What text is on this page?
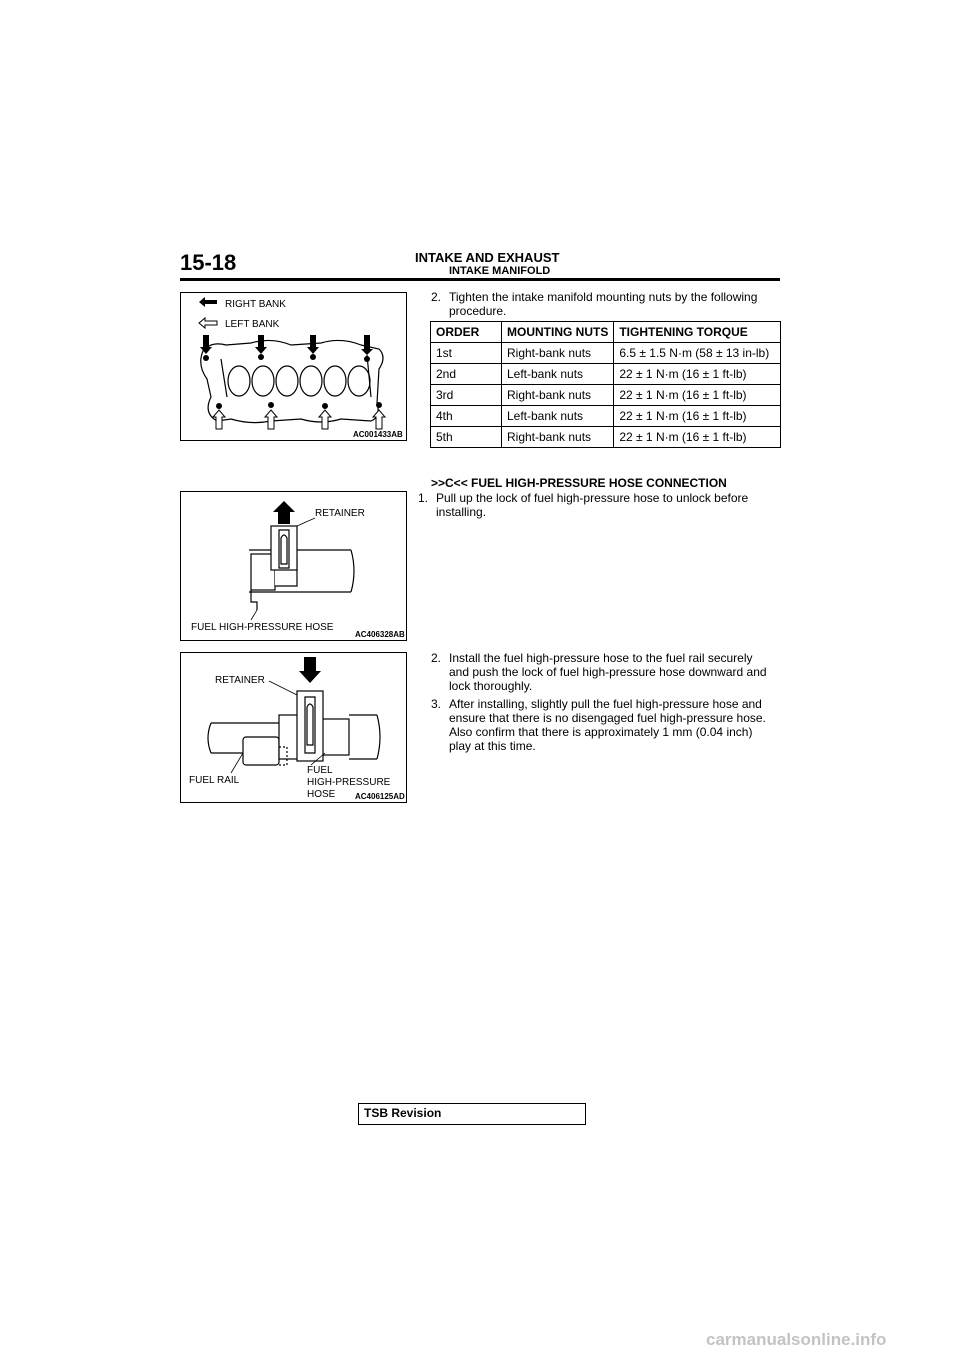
15-18	INTAKE AND EXHAUST
INTAKE MANIFOLD
RIGHT BANK
LEFT BANK
AC001433AB
2. Tighten the intake manifold mounting nuts by the following
procedure.
ORDER	MOUNTING NUTS	TIGHTENING TORQUE
1st	Right-bank nuts	6.5 ± 1.5 N·m (58 ± 13 in-lb)
2nd	Left-bank nuts	22 ± 1 N·m (16 ± 1 ft-lb)
3rd	Right-bank nuts	22 ± 1 N·m (16 ± 1 ft-lb)
4th	Left-bank nuts	22 ± 1 N·m (16 ± 1 ft-lb)
5th	Right-bank nuts	22 ± 1 N·m (16 ± 1 ft-lb)
>>C<< FUEL HIGH-PRESSURE HOSE CONNECTION
1. Pull up the lock of fuel high-pressure hose to unlock before
installing.
RETAINER
FUEL HIGH-PRESSURE HOSE
AC406328AB
2. Install the fuel high-pressure hose to the fuel rail securely
and push the lock of fuel high-pressure hose downward and
lock thoroughly.
3. After installing, slightly pull the fuel high-pressure hose and
ensure that there is no disengaged fuel high-pressure hose.
Also confirm that there is approximately 1 mm (0.04 inch)
play at this time.
RETAINER
FUEL RAIL
FUEL
HIGH-PRESSURE
HOSE AC406125AD
TSB Revision
carmanualsonline.info
